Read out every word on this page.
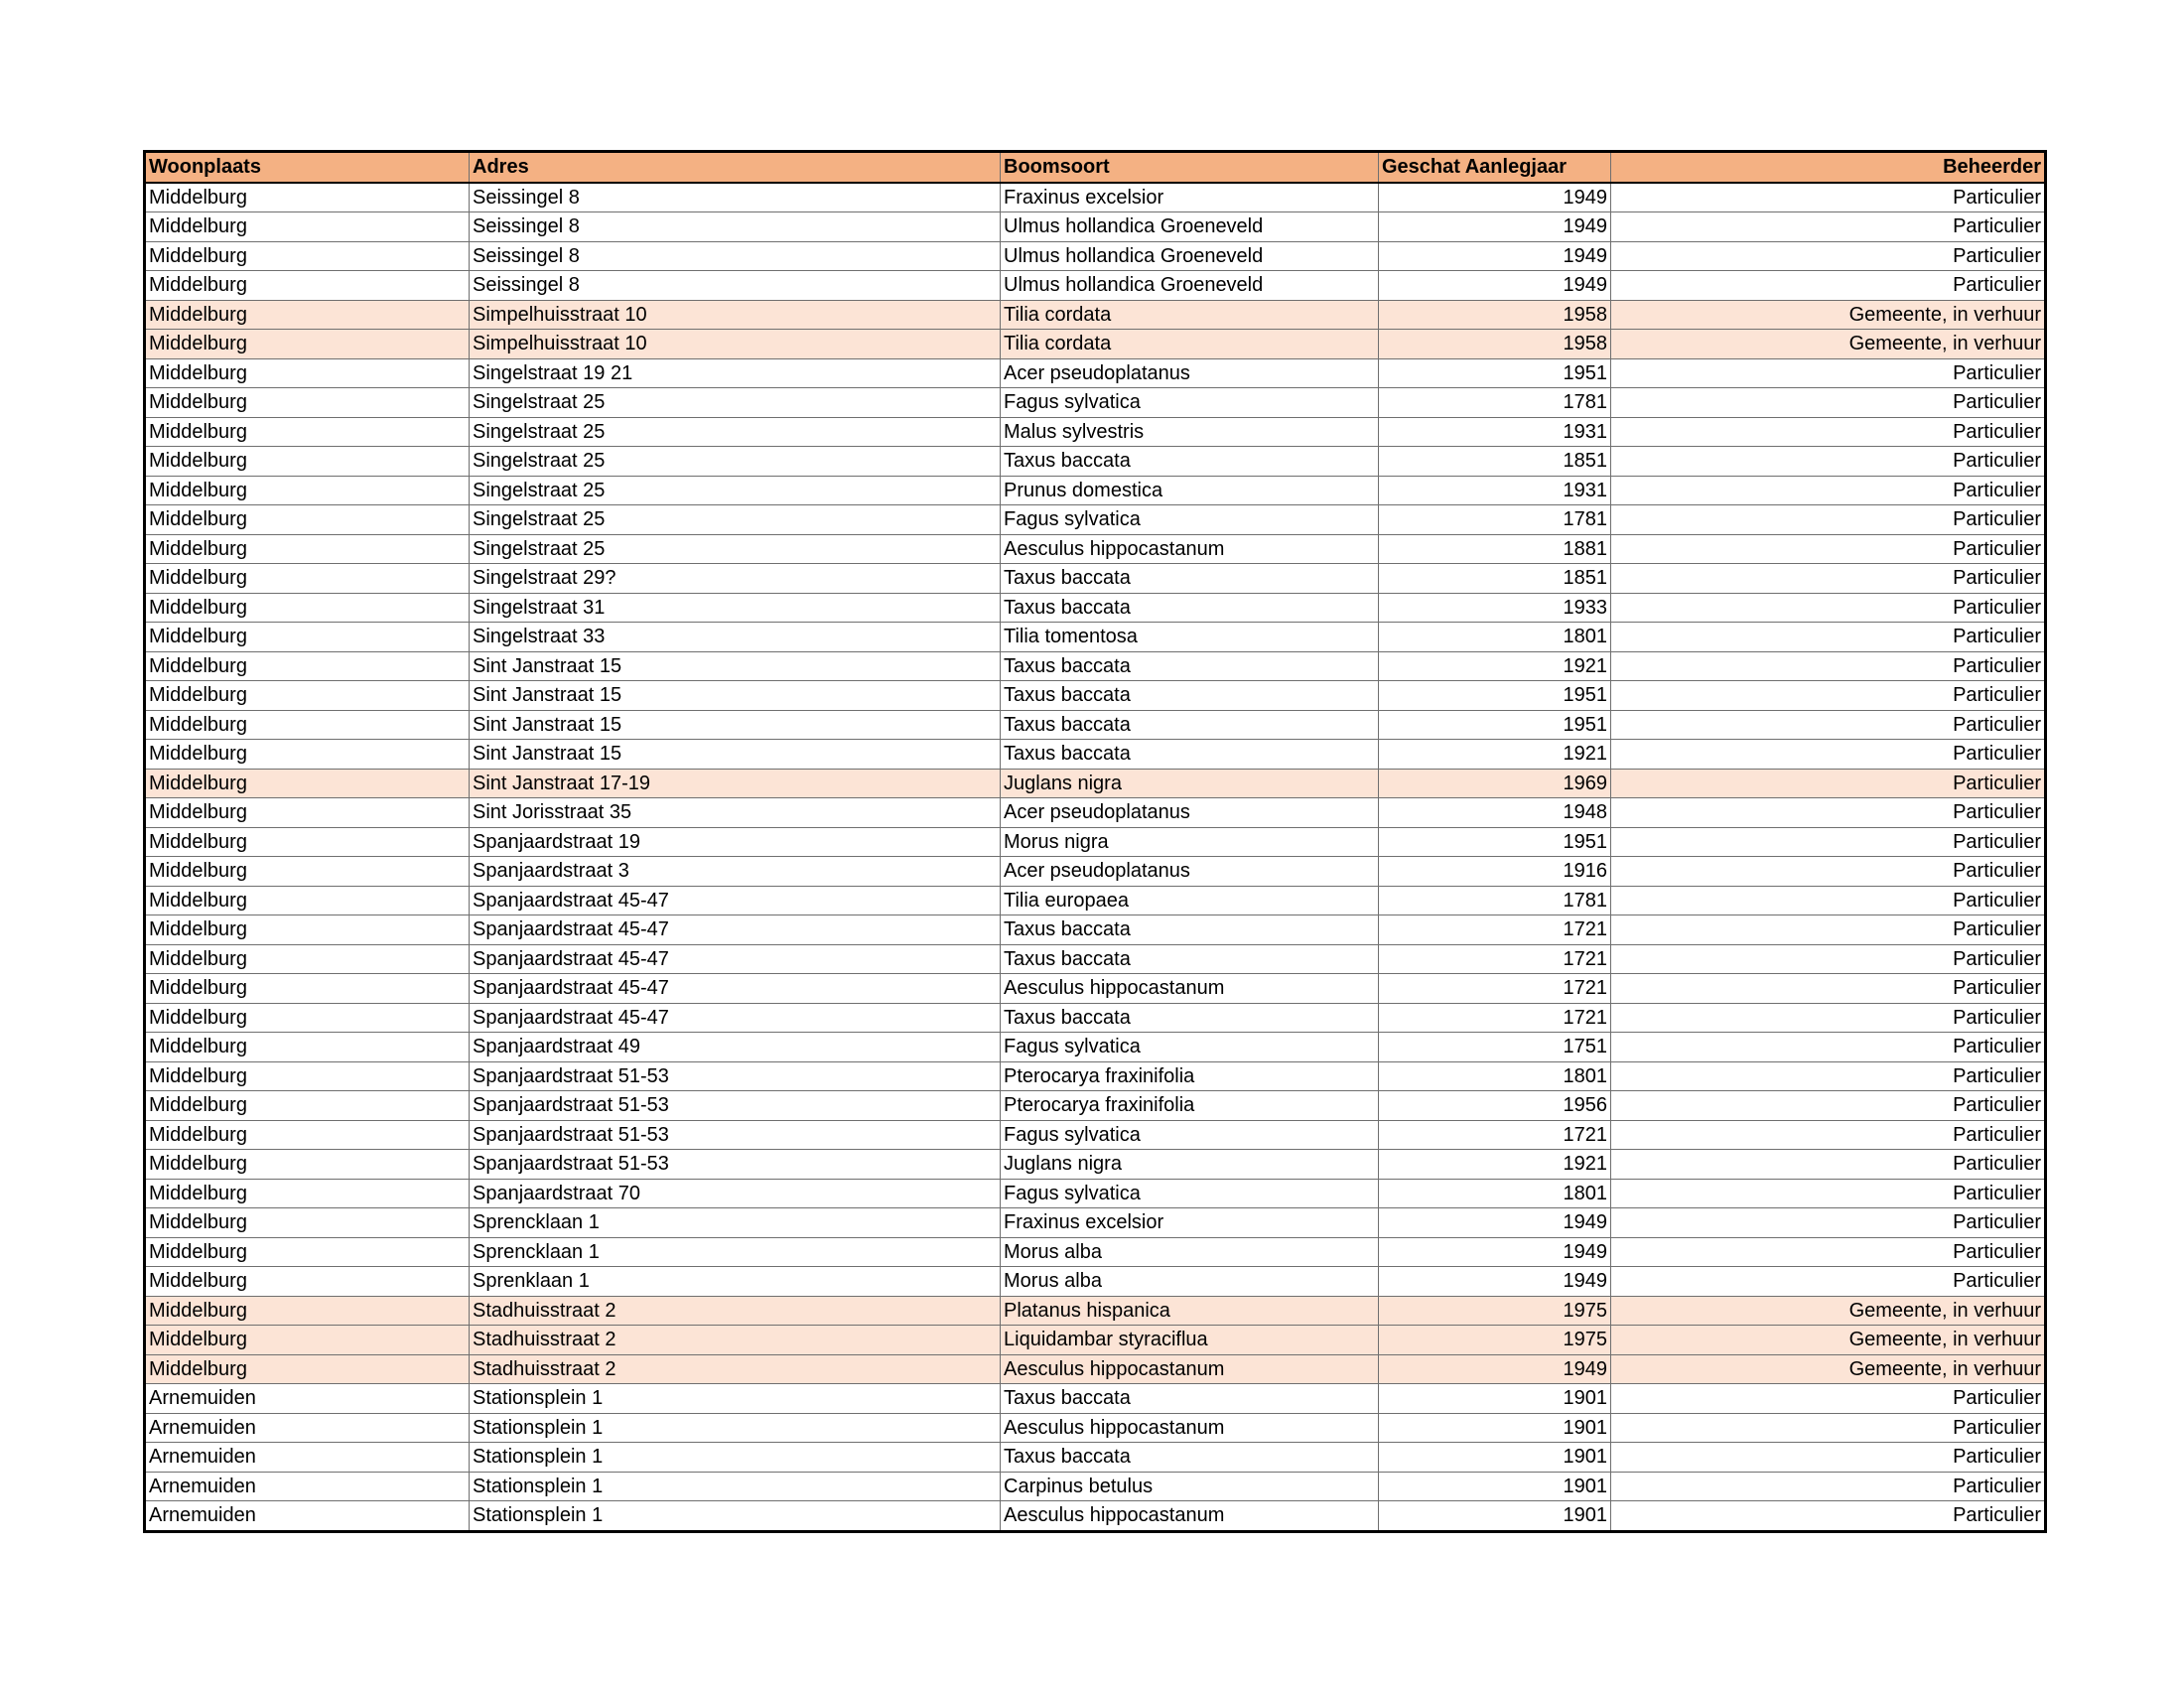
Woonplaats	Adres	Boomsoort	Geschat Aanlegjaar	Beheerder
Middelburg	Seissingel 8	Fraxinus excelsior	1949	Particulier
Middelburg	Seissingel 8	Ulmus hollandica Groeneveld	1949	Particulier
Middelburg	Seissingel 8	Ulmus hollandica Groeneveld	1949	Particulier
Middelburg	Seissingel 8	Ulmus hollandica Groeneveld	1949	Particulier
Middelburg	Simpelhuisstraat 10	Tilia cordata	1958	Gemeente, in verhuur
Middelburg	Simpelhuisstraat 10	Tilia cordata	1958	Gemeente, in verhuur
Middelburg	Singelstraat 19 21	Acer pseudoplatanus	1951	Particulier
Middelburg	Singelstraat 25	Fagus sylvatica	1781	Particulier
Middelburg	Singelstraat 25	Malus sylvestris	1931	Particulier
Middelburg	Singelstraat 25	Taxus baccata	1851	Particulier
Middelburg	Singelstraat 25	Prunus domestica	1931	Particulier
Middelburg	Singelstraat 25	Fagus sylvatica	1781	Particulier
Middelburg	Singelstraat 25	Aesculus hippocastanum	1881	Particulier
Middelburg	Singelstraat 29?	Taxus baccata	1851	Particulier
Middelburg	Singelstraat 31	Taxus baccata	1933	Particulier
Middelburg	Singelstraat 33	Tilia tomentosa	1801	Particulier
Middelburg	Sint Janstraat 15	Taxus baccata	1921	Particulier
Middelburg	Sint Janstraat 15	Taxus baccata	1951	Particulier
Middelburg	Sint Janstraat 15	Taxus baccata	1951	Particulier
Middelburg	Sint Janstraat 15	Taxus baccata	1921	Particulier
Middelburg	Sint Janstraat 17-19	Juglans nigra	1969	Particulier
Middelburg	Sint Jorisstraat 35	Acer pseudoplatanus	1948	Particulier
Middelburg	Spanjaardstraat 19	Morus nigra	1951	Particulier
Middelburg	Spanjaardstraat 3	Acer pseudoplatanus	1916	Particulier
Middelburg	Spanjaardstraat 45-47	Tilia europaea	1781	Particulier
Middelburg	Spanjaardstraat 45-47	Taxus baccata	1721	Particulier
Middelburg	Spanjaardstraat 45-47	Taxus baccata	1721	Particulier
Middelburg	Spanjaardstraat 45-47	Aesculus hippocastanum	1721	Particulier
Middelburg	Spanjaardstraat 45-47	Taxus baccata	1721	Particulier
Middelburg	Spanjaardstraat 49	Fagus sylvatica	1751	Particulier
Middelburg	Spanjaardstraat 51-53	Pterocarya fraxinifolia	1801	Particulier
Middelburg	Spanjaardstraat 51-53	Pterocarya fraxinifolia	1956	Particulier
Middelburg	Spanjaardstraat 51-53	Fagus sylvatica	1721	Particulier
Middelburg	Spanjaardstraat 51-53	Juglans nigra	1921	Particulier
Middelburg	Spanjaardstraat 70	Fagus sylvatica	1801	Particulier
Middelburg	Sprencklaan 1	Fraxinus excelsior	1949	Particulier
Middelburg	Sprencklaan 1	Morus alba	1949	Particulier
Middelburg	Sprenklaan 1	Morus alba	1949	Particulier
Middelburg	Stadhuisstraat 2	Platanus hispanica	1975	Gemeente, in verhuur
Middelburg	Stadhuisstraat 2	Liquidambar styraciflua	1975	Gemeente, in verhuur
Middelburg	Stadhuisstraat 2	Aesculus hippocastanum	1949	Gemeente, in verhuur
Arnemuiden	Stationsplein 1	Taxus baccata	1901	Particulier
Arnemuiden	Stationsplein 1	Aesculus hippocastanum	1901	Particulier
Arnemuiden	Stationsplein 1	Taxus baccata	1901	Particulier
Arnemuiden	Stationsplein 1	Carpinus betulus	1901	Particulier
Arnemuiden	Stationsplein 1	Aesculus hippocastanum	1901	Particulier
